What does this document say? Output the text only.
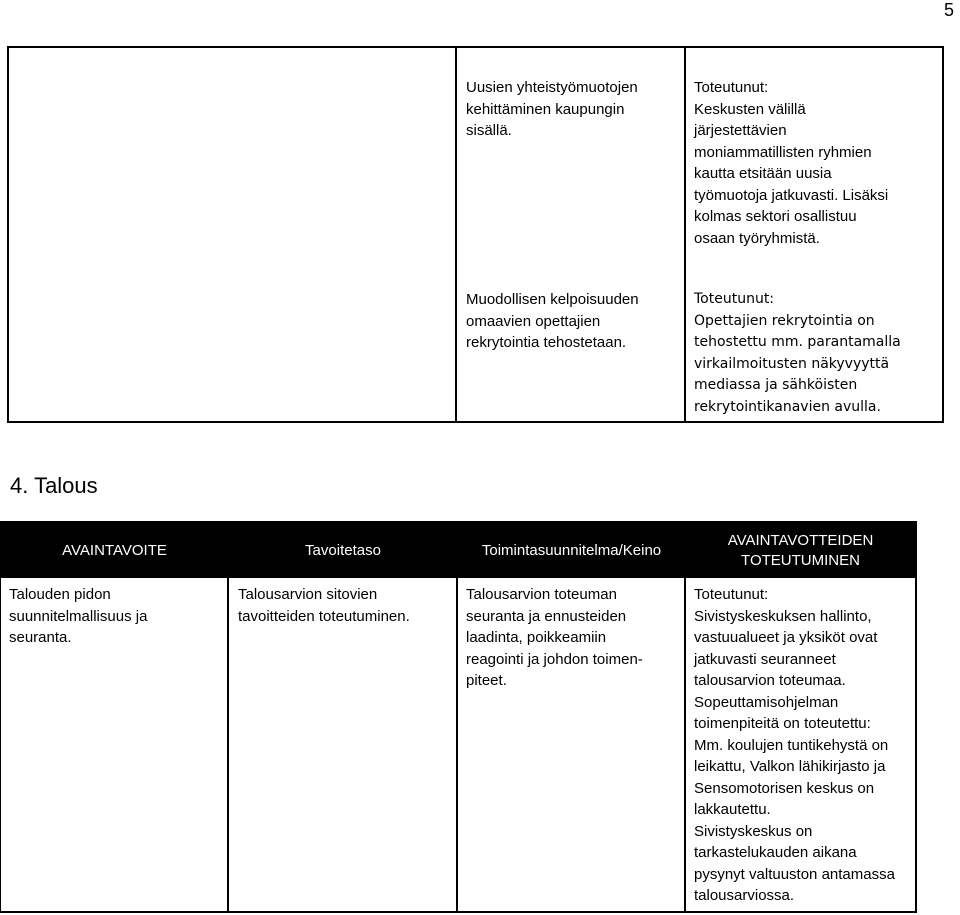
5
Uusien yhteistyömuotojen
kehittäminen kaupungin
sisällä.
Toteutunut:
Keskusten välillä
järjestettävien
moniammatillisten ryhmien
kautta etsitään uusia
työmuotoja jatkuvasti. Lisäksi
kolmas sektori osallistuu
osaan työryhmistä.
Muodollisen kelpoisuuden
omaavien opettajien
rekrytointia tehostetaan.
Toteutunut:
Opettajien rekrytointia on
tehostettu mm. parantamalla
virkailmoitusten näkyvyyttä
mediassa ja sähköisten
rekrytointikanavien avulla.
4. Talous
AVAINTAVOITE	Tavoitetaso	Toimintasuunnitelma/Keino
AVAINTAVOTTEIDEN
TOTEUTUMINEN
Talouden pidon
suunnitelmallisuus ja
seuranta.
Talousarvion sitovien
tavoitteiden toteutuminen.
Talousarvion toteuman
seuranta ja ennusteiden
laadinta, poikkeamiin
reagointi ja johdon toimen-
piteet.
Toteutunut:
Sivistyskeskuksen hallinto,
vastuualueet ja yksiköt ovat
jatkuvasti seuranneet
talousarvion toteumaa.
Sopeuttamisohjelman
toimenpiteitä on toteutettu:
Mm. koulujen tuntikehystä on
leikattu, Valkon lähikirjasto ja
Sensomotorisen keskus on
lakkautettu.
Sivistyskeskus on
tarkastelukauden aikana
pysynyt valtuuston antamassa
talousarviossa.
